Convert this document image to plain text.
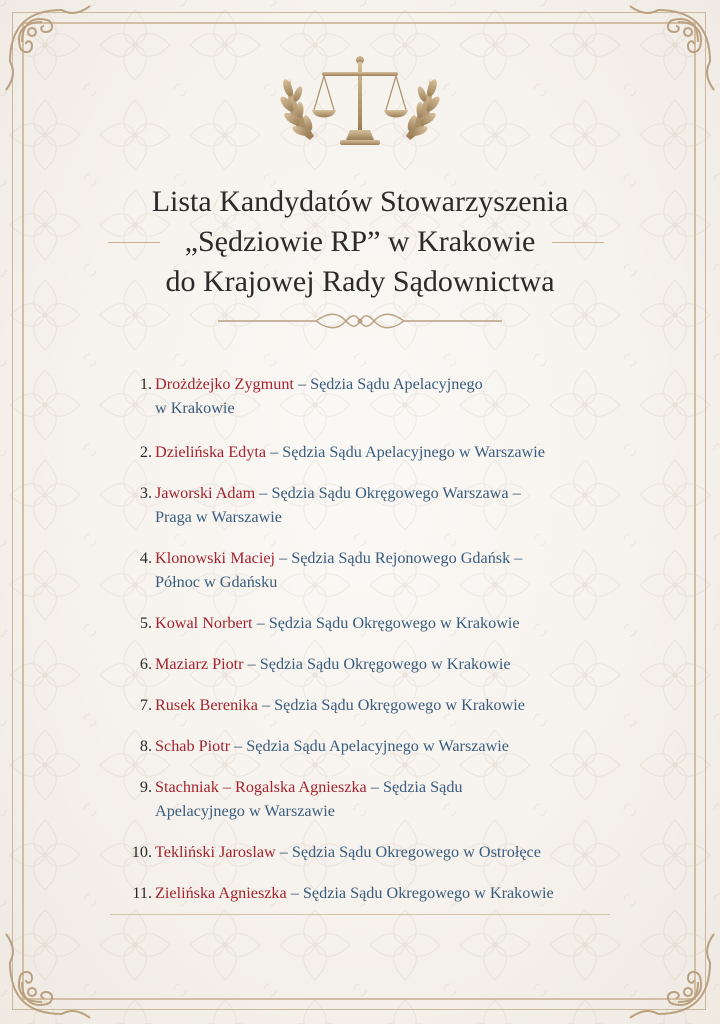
Lista Kandydatów Stowarzyszenia
„Sędziowie RP” w Krakowie
do Krajowej Rady Sądownictwa
1. Drożdżejko Zygmunt – Sędzia Sądu Apelacyjnego
w Krakowie
2. Dzielińska Edyta – Sędzia Sądu Apelacyjnego w Warszawie
3. Jaworski Adam – Sędzia Sądu Okręgowego Warszawa –
Praga w Warszawie
4. Klonowski Maciej – Sędzia Sądu Rejonowego Gdańsk –
Północ w Gdańsku
5. Kowal Norbert – Sędzia Sądu Okręgowego w Krakowie
6. Maziarz Piotr – Sędzia Sądu Okręgowego w Krakowie
7. Rusek Berenika – Sędzia Sądu Okręgowego w Krakowie
8. Schab Piotr – Sędzia Sądu Apelacyjnego w Warszawie
9. Stachniak – Rogalska Agnieszka – Sędzia Sądu
Apelacyjnego w Warszawie
10. Tekliński Jaroslaw – Sędzia Sądu Okregowego w Ostrołęce
11. Zielińska Agnieszka – Sędzia Sądu Okregowego w Krakowie
